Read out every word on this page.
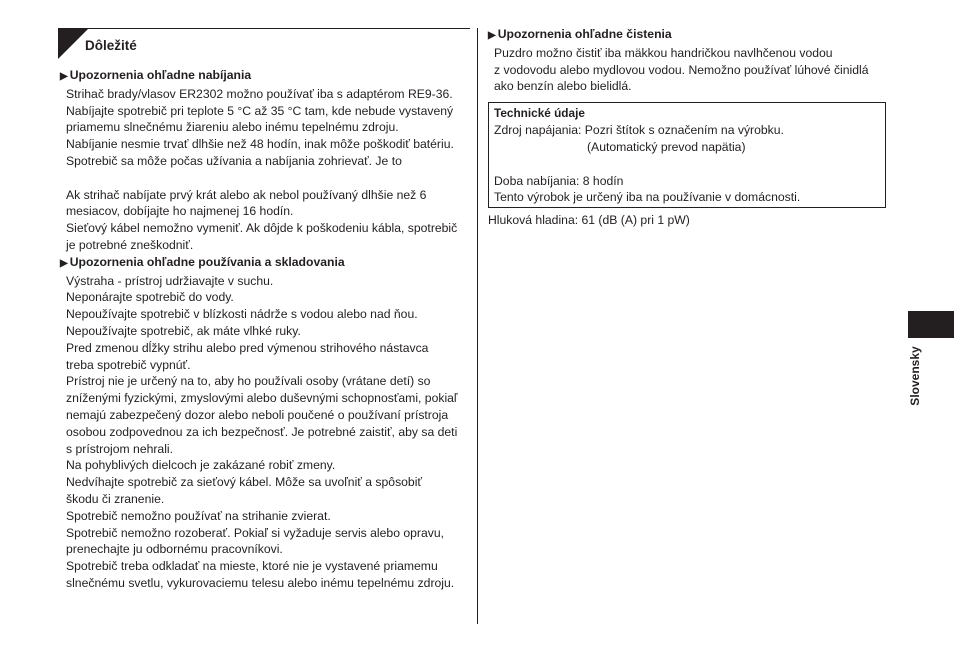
Dôležité
▶ Upozornenia ohľadne nabíjania
Strihač brady/vlasov ER2302 možno používať iba s adaptérom RE9-36.
Nabíjajte spotrebič pri teplote 5 °C až 35 °C tam, kde nebude vystavený
priamemu slnečnému žiareniu alebo inému tepelnému zdroju.
Nabíjanie nesmie trvať dlhšie než 48 hodín, inak môže poškodiť batériu.
Spotrebič sa môže počas užívania a nabíjania zohrievať. Je to
Ak strihač nabíjate prvý krát alebo ak nebol používaný dlhšie než 6
mesiacov, dobíjajte ho najmenej 16 hodín.
Sieťový kábel nemožno vymeniť. Ak dôjde k poškodeniu kábla, spotrebič
je potrebné zneškodniť.
▶ Upozornenia ohľadne používania a skladovania
Výstraha - prístroj udržiavajte v suchu.
Neponárajte spotrebič do vody.
Nepoužívajte spotrebič v blízkosti nádrže s vodou alebo nad ňou.
Nepoužívajte spotrebič, ak máte vlhké ruky.
Pred zmenou dĺžky strihu alebo pred výmenou strihového nástavca
treba spotrebič vypnúť.
Prístroj nie je určený na to, aby ho používali osoby (vrátane detí) so
zníženými fyzickými, zmyslovými alebo duševnými schopnosťami, pokiaľ
nemajú zabezpečený dozor alebo neboli poučené o používaní prístroja
osobou zodpovednou za ich bezpečnosť. Je potrebné zaistiť, aby sa deti
s prístrojom nehrali.
Na pohyblivých dielcoch je zakázané robiť zmeny.
Nedvíhajte spotrebič za sieťový kábel. Môže sa uvoľniť a spôsobiť
škodu či zranenie.
Spotrebič nemožno používať na strihanie zvierat.
Spotrebič nemožno rozoberať. Pokiaľ si vyžaduje servis alebo opravu,
prenechajte ju odbornému pracovníkovi.
Spotrebič treba odkladať na mieste, ktoré nie je vystavené priamemu
slnečnému svetlu, vykurovaciemu telesu alebo inému tepelnému zdroju.
▶ Upozornenia ohľadne čistenia
Puzdro možno čistiť iba mäkkou handričkou navlhčenou vodou
z vodovodu alebo mydlovou vodou. Nemožno používať lúhové činidlá
ako benzín alebo bielidlá.
Technické údaje
Zdroj napájania: Pozri štítok s označením na výrobku.
(Automatický prevod napätia)
Doba nabíjania: 8 hodín
Tento výrobok je určený iba na používanie v domácnosti.
Hluková hladina: 61 (dB (A) pri 1 pW)
Slovensky
